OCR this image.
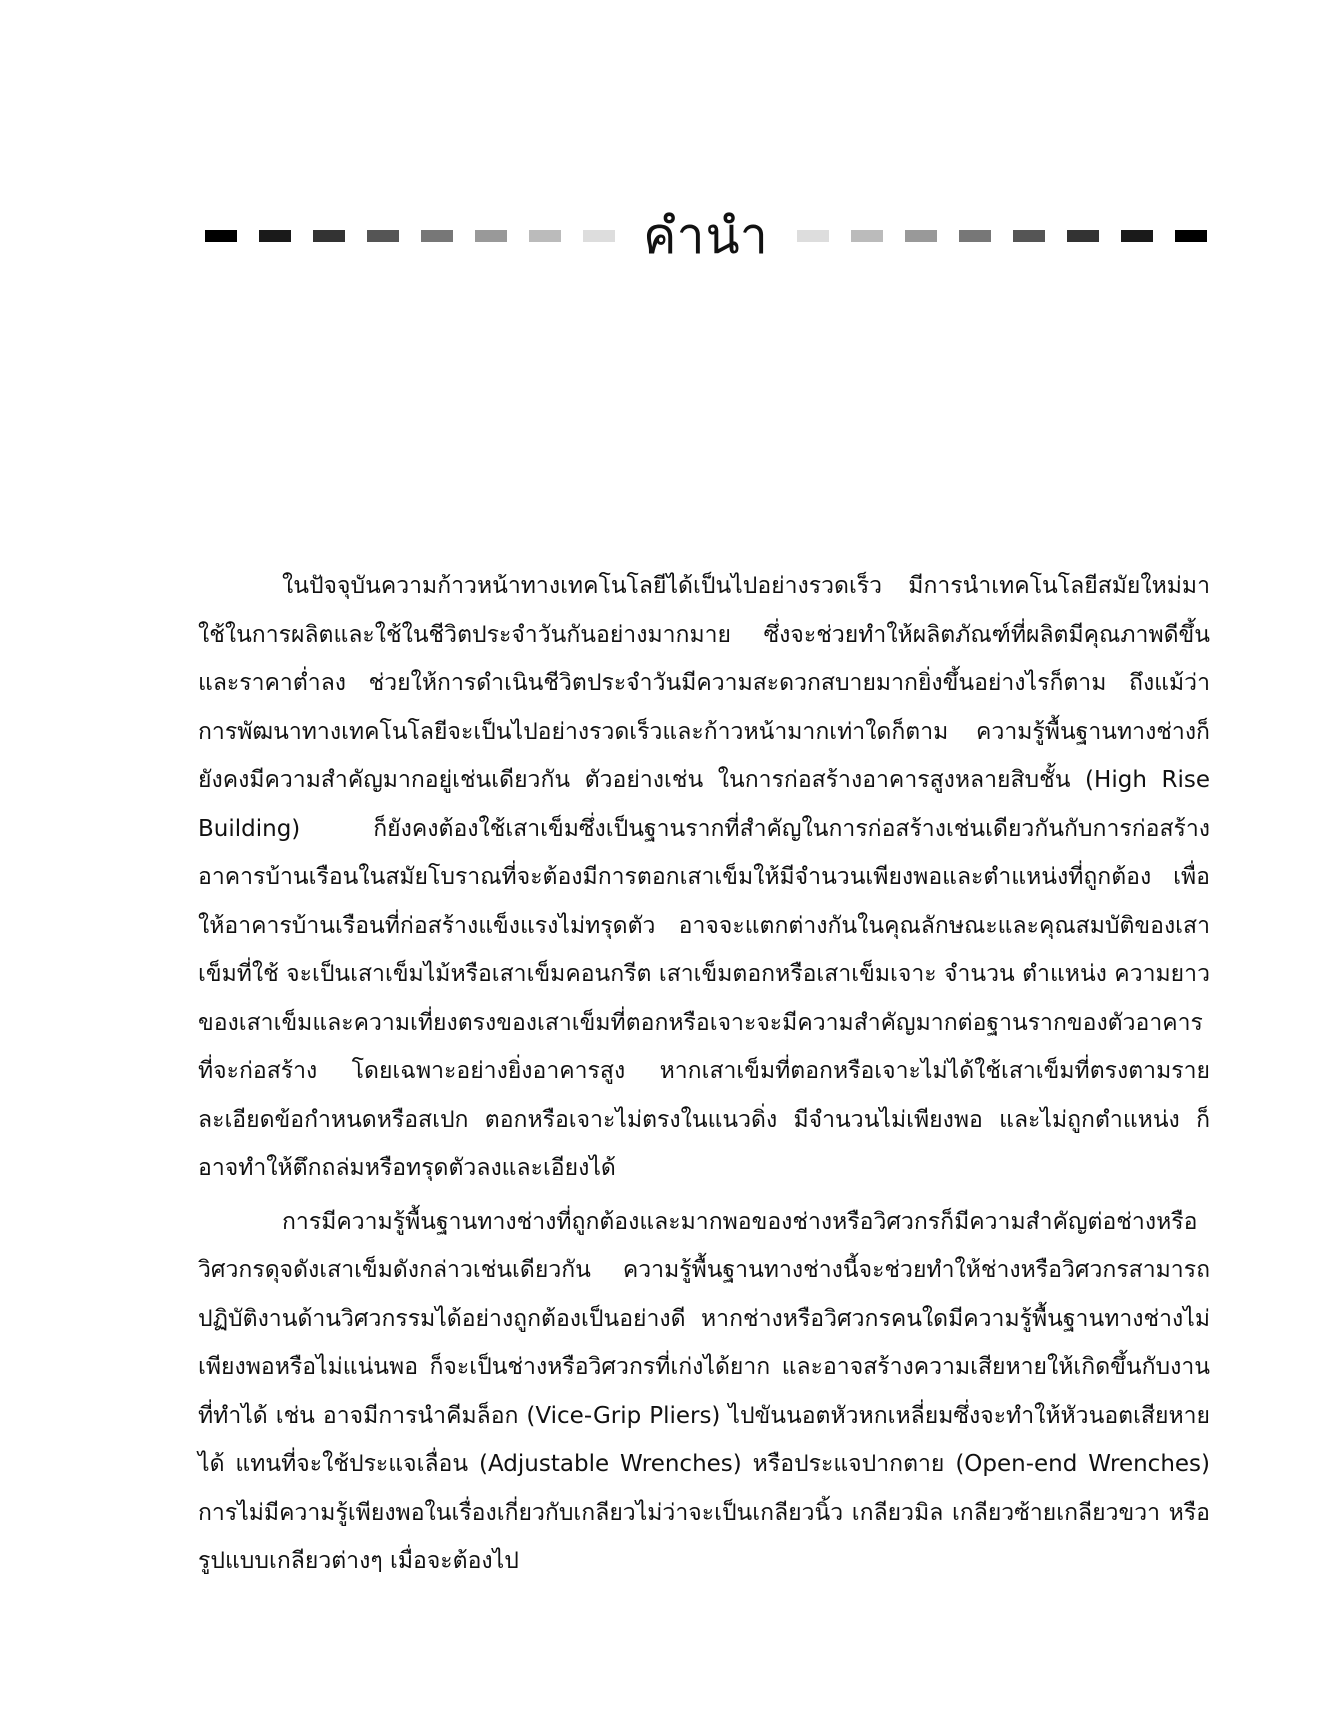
คำนำ

ในปัจจุบันความก้าวหน้าทางเทคโนโลยีได้เป็นไปอย่างรวดเร็ว มีการนำเทคโนโลยีสมัยใหม่มาใช้ในการผลิตและใช้ในชีวิตประจำวันกันอย่างมากมาย ซึ่งจะช่วยทำให้ผลิตภัณฑ์ที่ผลิตมีคุณภาพดีขึ้นและราคาต่ำลง ช่วยให้การดำเนินชีวิตประจำวันมีความสะดวกสบายมากยิ่งขึ้นอย่างไรก็ตาม ถึงแม้ว่าการพัฒนาทางเทคโนโลยีจะเป็นไปอย่างรวดเร็วและก้าวหน้ามากเท่าใดก็ตาม ความรู้พื้นฐานทางช่างก็ยังคงมีความสำคัญมากอยู่เช่นเดียวกัน ตัวอย่างเช่น ในการก่อสร้างอาคารสูงหลายสิบชั้น (High Rise Building) ก็ยังคงต้องใช้เสาเข็มซึ่งเป็นฐานรากที่สำคัญในการก่อสร้างเช่นเดียวกันกับการก่อสร้างอาคารบ้านเรือนในสมัยโบราณที่จะต้องมีการตอกเสาเข็มให้มีจำนวนเพียงพอและตำแหน่งที่ถูกต้อง เพื่อให้อาคารบ้านเรือนที่ก่อสร้างแข็งแรงไม่ทรุดตัว อาจจะแตกต่างกันในคุณลักษณะและคุณสมบัติของเสาเข็มที่ใช้ จะเป็นเสาเข็มไม้หรือเสาเข็มคอนกรีต เสาเข็มตอกหรือเสาเข็มเจาะ จำนวน ตำแหน่ง ความยาวของเสาเข็มและความเที่ยงตรงของเสาเข็มที่ตอกหรือเจาะจะมีความสำคัญมากต่อฐานรากของตัวอาคารที่จะก่อสร้าง โดยเฉพาะอย่างยิ่งอาคารสูง หากเสาเข็มที่ตอกหรือเจาะไม่ได้ใช้เสาเข็มที่ตรงตามรายละเอียดข้อกำหนดหรือสเปก ตอกหรือเจาะไม่ตรงในแนวดิ่ง มีจำนวนไม่เพียงพอ และไม่ถูกตำแหน่ง ก็อาจทำให้ตึกถล่มหรือทรุดตัวลงและเอียงได้

การมีความรู้พื้นฐานทางช่างที่ถูกต้องและมากพอของช่างหรือวิศวกรก็มีความสำคัญต่อช่างหรือวิศวกรดุจดังเสาเข็มดังกล่าวเช่นเดียวกัน ความรู้พื้นฐานทางช่างนี้จะช่วยทำให้ช่างหรือวิศวกรสามารถปฏิบัติงานด้านวิศวกรรมได้อย่างถูกต้องเป็นอย่างดี หากช่างหรือวิศวกรคนใดมีความรู้พื้นฐานทางช่างไม่เพียงพอหรือไม่แน่นพอ ก็จะเป็นช่างหรือวิศวกรที่เก่งได้ยาก และอาจสร้างความเสียหายให้เกิดขึ้นกับงานที่ทำได้ เช่น อาจมีการนำคีมล็อก (Vice-Grip Pliers) ไปขันนอตหัวหกเหลี่ยมซึ่งจะทำให้หัวนอตเสียหายได้ แทนที่จะใช้ประแจเลื่อน (Adjustable Wrenches) หรือประแจปากตาย (Open-end Wrenches) การไม่มีความรู้เพียงพอในเรื่องเกี่ยวกับเกลียวไม่ว่าจะเป็นเกลียวนิ้ว เกลียวมิล เกลียวซ้ายเกลียวขวา หรือรูปแบบเกลียวต่างๆ เมื่อจะต้องไป
